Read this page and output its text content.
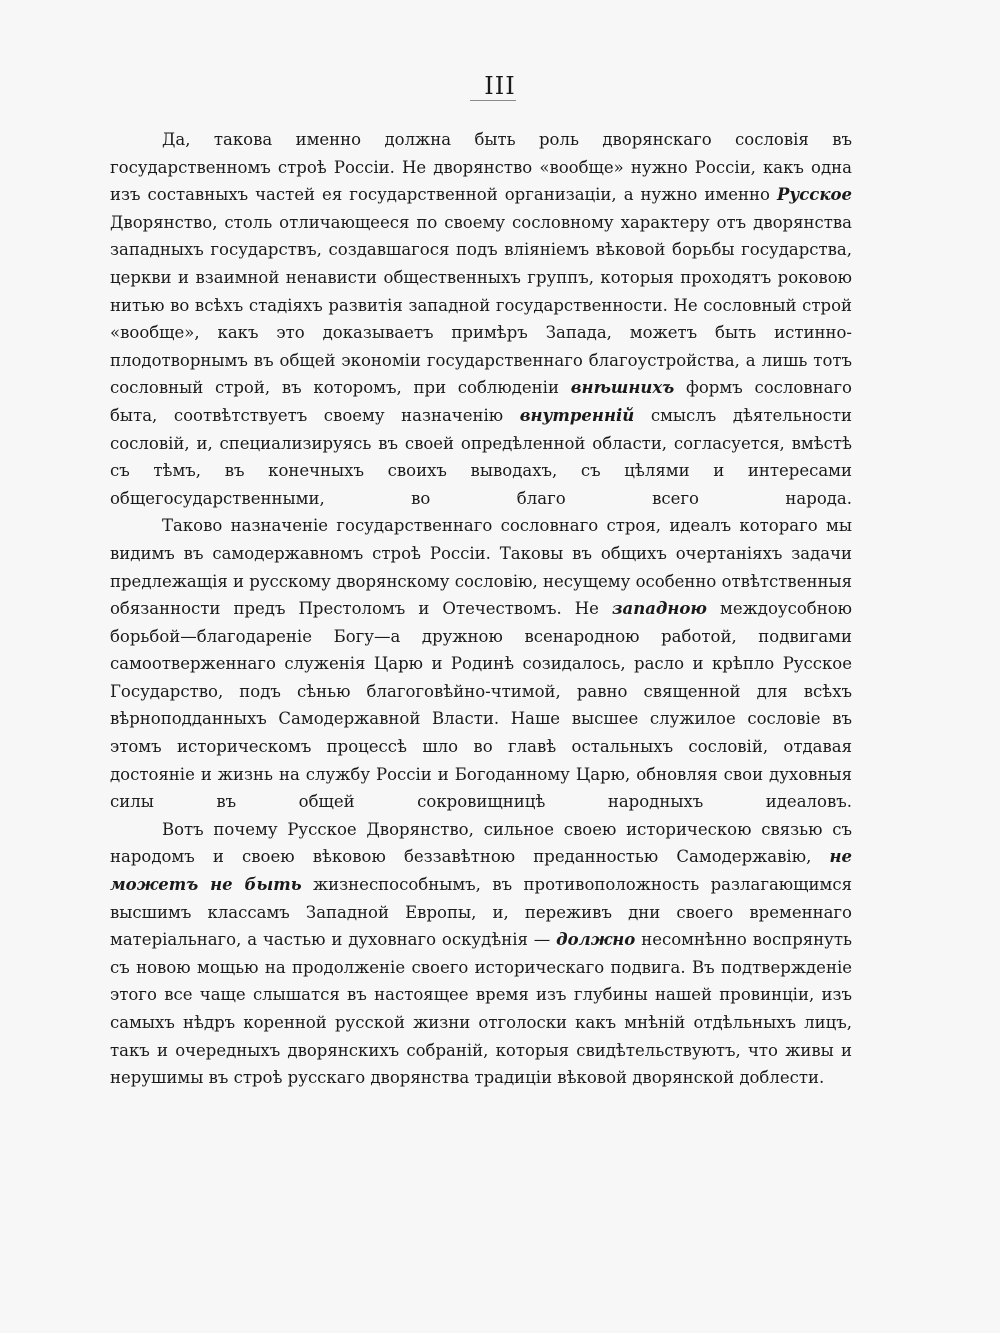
III

Да, такова именно должна быть роль дворянскаго сословія въ государственномъ строѣ Россіи. Не дворянство «вообще» нужно Россіи, какъ одна изъ составныхъ частей ея государственной организаціи, а нужно именно Русское Дворянство, столь отличающееся по своему сословному характеру отъ дворянства западныхъ государствъ, создавшагося подъ вліяніемъ вѣковой борьбы государства, церкви и взаимной ненависти общественныхъ группъ, которыя проходятъ роковою нитью во всѣхъ стадіяхъ развитія западной государственности. Не сословный строй «вообще», какъ это доказываетъ примѣръ Запада, можетъ быть истинно-плодотворнымъ въ общей экономіи государственнаго благоустройства, а лишь тотъ сословный строй, въ которомъ, при соблюденіи внѣшнихъ формъ сословнаго быта, соотвѣтствуетъ своему назначенію внутренній смыслъ дѣятельности сословій, и, специализируясь въ своей опредѣленной области, согласуется, вмѣстѣ съ тѣмъ, въ конечныхъ своихъ выводахъ, съ цѣлями и интересами общегосударственными, во благо всего народа.

Таково назначеніе государственнаго сословнаго строя, идеалъ котораго мы видимъ въ самодержавномъ строѣ Россіи. Таковы въ общихъ очертаніяхъ задачи предлежащія и русскому дворянскому сословію, несущему особенно отвѣтственныя обязанности предъ Престоломъ и Отечествомъ. Не западною междоусобною борьбой—благодареніе Богу—а дружною всенародною работой, подвигами самоотверженнаго служенія Царю и Родинѣ созидалось, расло и крѣпло Русское Государство, подъ сѣнью благоговѣйно-чтимой, равно священной для всѣхъ вѣрноподданныхъ Самодержавной Власти. Наше высшее служилое сословіе въ этомъ историческомъ процессѣ шло во главѣ остальныхъ сословій, отдавая достояніе и жизнь на службу Россіи и Богоданному Царю, обновляя свои духовныя силы въ общей сокровищницѣ народныхъ идеаловъ.

Вотъ почему Русское Дворянство, сильное своею историческою связью съ народомъ и своею вѣковою беззавѣтною преданностью Самодержавію, не можетъ не быть жизнеспособнымъ, въ противоположность разлагающимся высшимъ классамъ Западной Европы, и, переживъ дни своего временнаго матеріальнаго, а частью и духовнаго оскудѣнія — должно несомнѣнно воспрянуть съ новою мощью на продолженіе своего историческаго подвига. Въ подтвержденіе этого все чаще слышатся въ настоящее время изъ глубины нашей провинціи, изъ самыхъ нѣдръ коренной русской жизни отголоски какъ мнѣній отдѣльныхъ лицъ, такъ и очередныхъ дворянскихъ собраній, которыя свидѣтельствуютъ, что живы и нерушимы въ строѣ русскаго дворянства традиціи вѣковой дворянской доблести.
